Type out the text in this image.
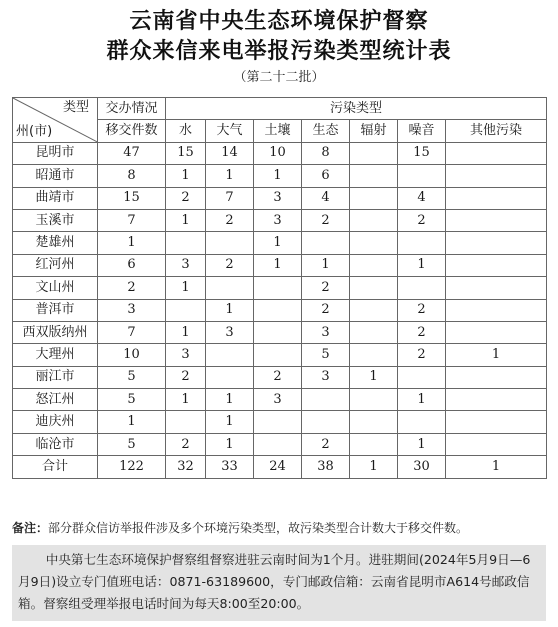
云南省中央生态环境保护督察
群众来信来电举报污染类型统计表
（第二十二批）
类型
州(市)	交办情况	污染类型						
	移交件数	水	大气	土壤	生态	辐射	噪音	其他污染
昆明市	47	15	14	10	8		15	
昭通市	8	1	1	1	6			
曲靖市	15	2	7	3	4		4	
玉溪市	7	1	2	3	2		2	
楚雄州	1			1				
红河州	6	3	2	1	1		1	
文山州	2	1			2			
普洱市	3		1		2		2	
西双版纳州	7	1	3		3		2	
大理州	10	3			5		2	1
丽江市	5	2		2	3	1		
怒江州	5	1	1	3			1	
迪庆州	1		1					
临沧市	5	2	1		2		1	
合计	122	32	33	24	38	1	30	1
备注：部分群众信访举报件涉及多个环境污染类型，故污染类型合计数大于移交件数。
中央第七生态环境保护督察组督察进驻云南时间为1个月。进驻期间(2024年5月9日—6月9日)设立专门值班电话：0871-63189600，专门邮政信箱：云南省昆明市A614号邮政信箱。督察组受理举报电话时间为每天8:00至20:00。
